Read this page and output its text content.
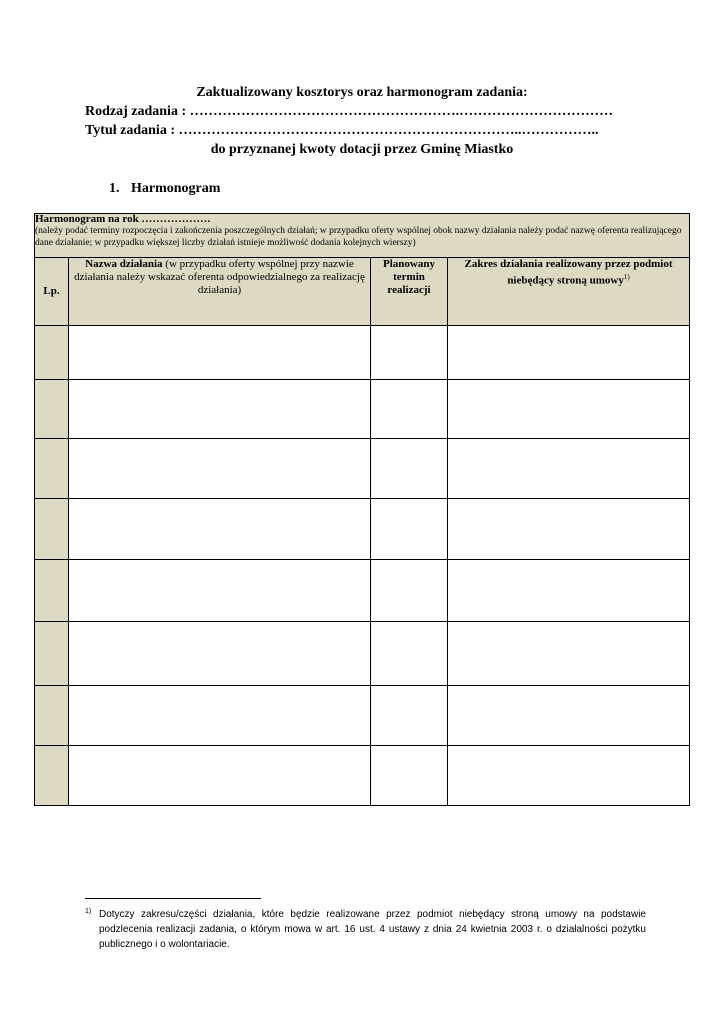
Zaktualizowany kosztorys oraz harmonogram zadania:
Rodzaj zadania : ………………………………………………….……………………………
Tytuł zadania : ………………………………………………………………..……………..
do przyznanej kwoty dotacji przez Gminę Miastko
1. Harmonogram
Harmonogram na rok ……………….
(należy podać terminy rozpoczęcia i zakończenia poszczególnych działań; w przypadku oferty wspólnej obok nazwy działania należy podać nazwę oferenta realizującego dane działanie; w przypadku większej liczby działań istnieje możliwość dodania kolejnych wierszy)			
Lp.	Nazwa działania (w przypadku oferty wspólnej przy nazwie działania należy wskazać oferenta odpowiedzialnego za realizację działania)	Planowany termin realizacji	Zakres działania realizowany przez podmiot niebędący stroną umowy$^{1)}$

1) Dotyczy zakresu/części działania, które będzie realizowane przez podmiot niebędący stroną umowy na podstawie podzlecenia realizacji zadania, o którym mowa w art. 16 ust. 4 ustawy z dnia 24 kwietnia 2003 r. o działalności pożytku publicznego i o wolontariacie.
